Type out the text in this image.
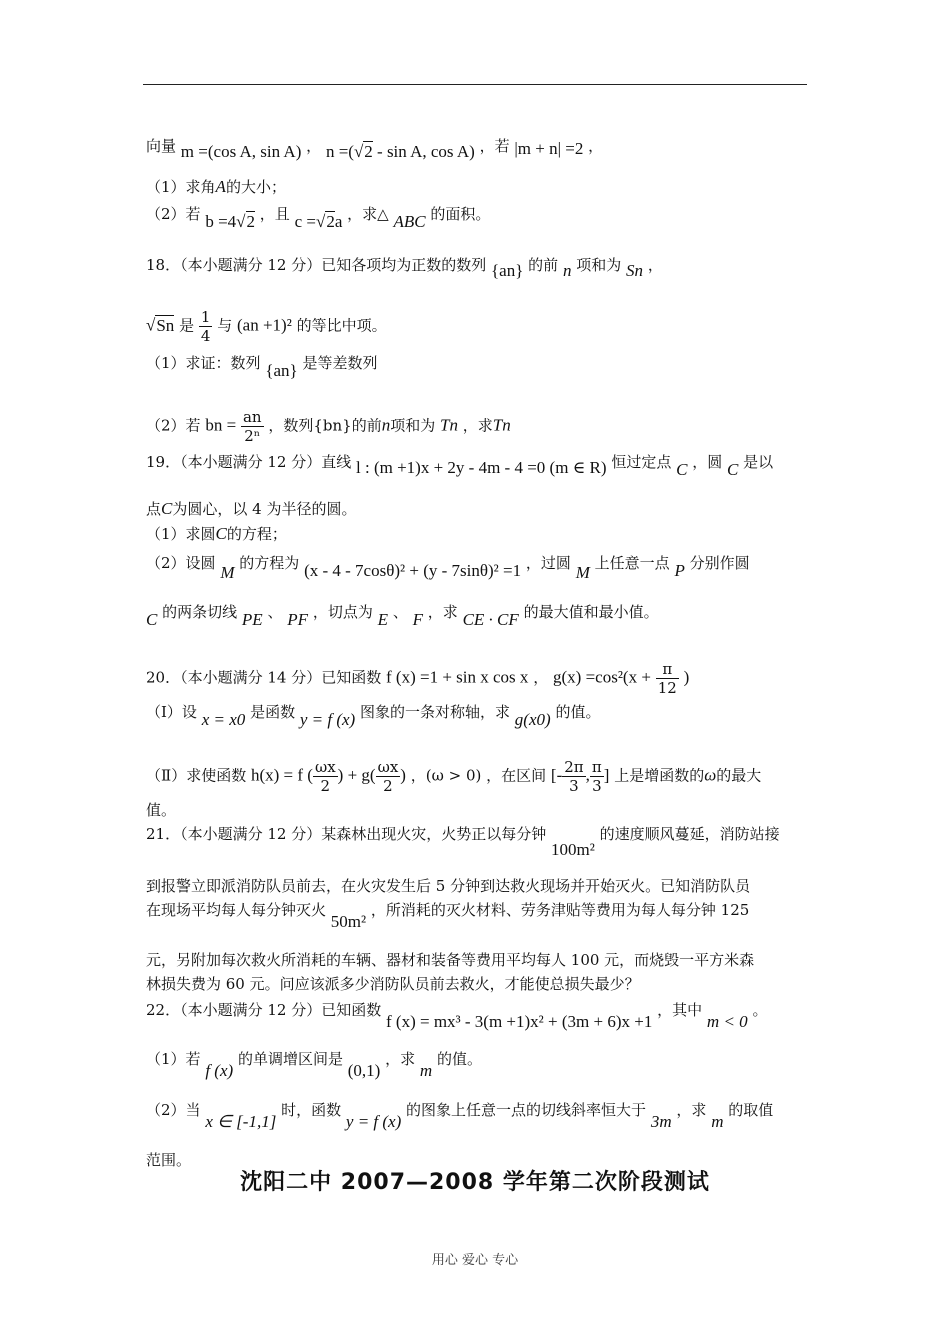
向量 m =(cos A, sin A) ， n =(√2 - sin A, cos A) ，若 |m + n| =2 ，
（1）求角A的大小；
（2）若 b =4√2 ，且 c =√2a ，求△ ABC 的面积。
18．（本小题满分 12 分）已知各项均为正数的数列 {an} 的前 n 项和为 Sn ，
√Sn 是 $\frac{1}{4}$ 与 (an +1)² 的等比中项。
（1）求证：数列 {an} 是等差数列
（2）若 bn = $\frac{an}{\text{2ⁿ}}$ ，数列{bn}的前n项和为 Tn ，求Tn
19．（本小题满分 12 分）直线 l : (m +1)x + 2y - 4m - 4 =0 (m ∈ R) 恒过定点 C ，圆 C 是以
点C为圆心，以 4 为半径的圆。
（1）求圆C的方程；
（2）设圆 M 的方程为 (x - 4 - 7cosθ)² + (y - 7sinθ)² =1 ，过圆 M 上任意一点 P 分别作圆
C 的两条切线 PE 、 PF ，切点为 E 、 F ，求 CE · CF 的最大值和最小值。
20．（本小题满分 14 分）已知函数 f (x) =1 + sin x cos x ， $g(x) =\cos^2(x + \frac{\pi}{12}$ )
（Ⅰ）设 x = x0 是函数 y = f (x) 图象的一条对称轴，求 g(x0) 的值。
（Ⅱ）求使函数 h(x) = f ( $\frac{\omega x}{2}$ ) + $g( \frac{\omega x}{2}$ ) ，(ω > 0) ，在区间 [- $\frac{2\pi}{3}$ , $\frac{\pi}{3}$ ] 上是增函数的ω的最大
值。
21．（本小题满分 12 分）某森林出现火灾，火势正以每分钟 100m² 的速度顺风蔓延，消防站接
到报警立即派消防队员前去，在火灾发生后 5 分钟到达救火现场并开始灭火。已知消防队员
在现场平均每人每分钟灭火 50m² ，所消耗的灭火材料、劳务津贴等费用为每人每分钟 125
元，另附加每次救火所消耗的车辆、器材和装备等费用平均每人 100 元，而烧毁一平方米森
林损失费为 60 元。问应该派多少消防队员前去救火，才能使总损失最少？
22．（本小题满分 12 分）已知函数 f (x) = mx³ - 3(m +1)x² + (3m + 6)x +1 ，其中 m < 0 。
（1）若 f (x) 的单调增区间是 (0,1) ，求 m 的值。
（2）当 x ∈ [-1,1] 时，函数 y = f (x) 的图象上任意一点的切线斜率恒大于 3m ，求 m 的取值
范围。
沈阳二中 2007—2008 学年第二次阶段测试
用心 爱心 专心
